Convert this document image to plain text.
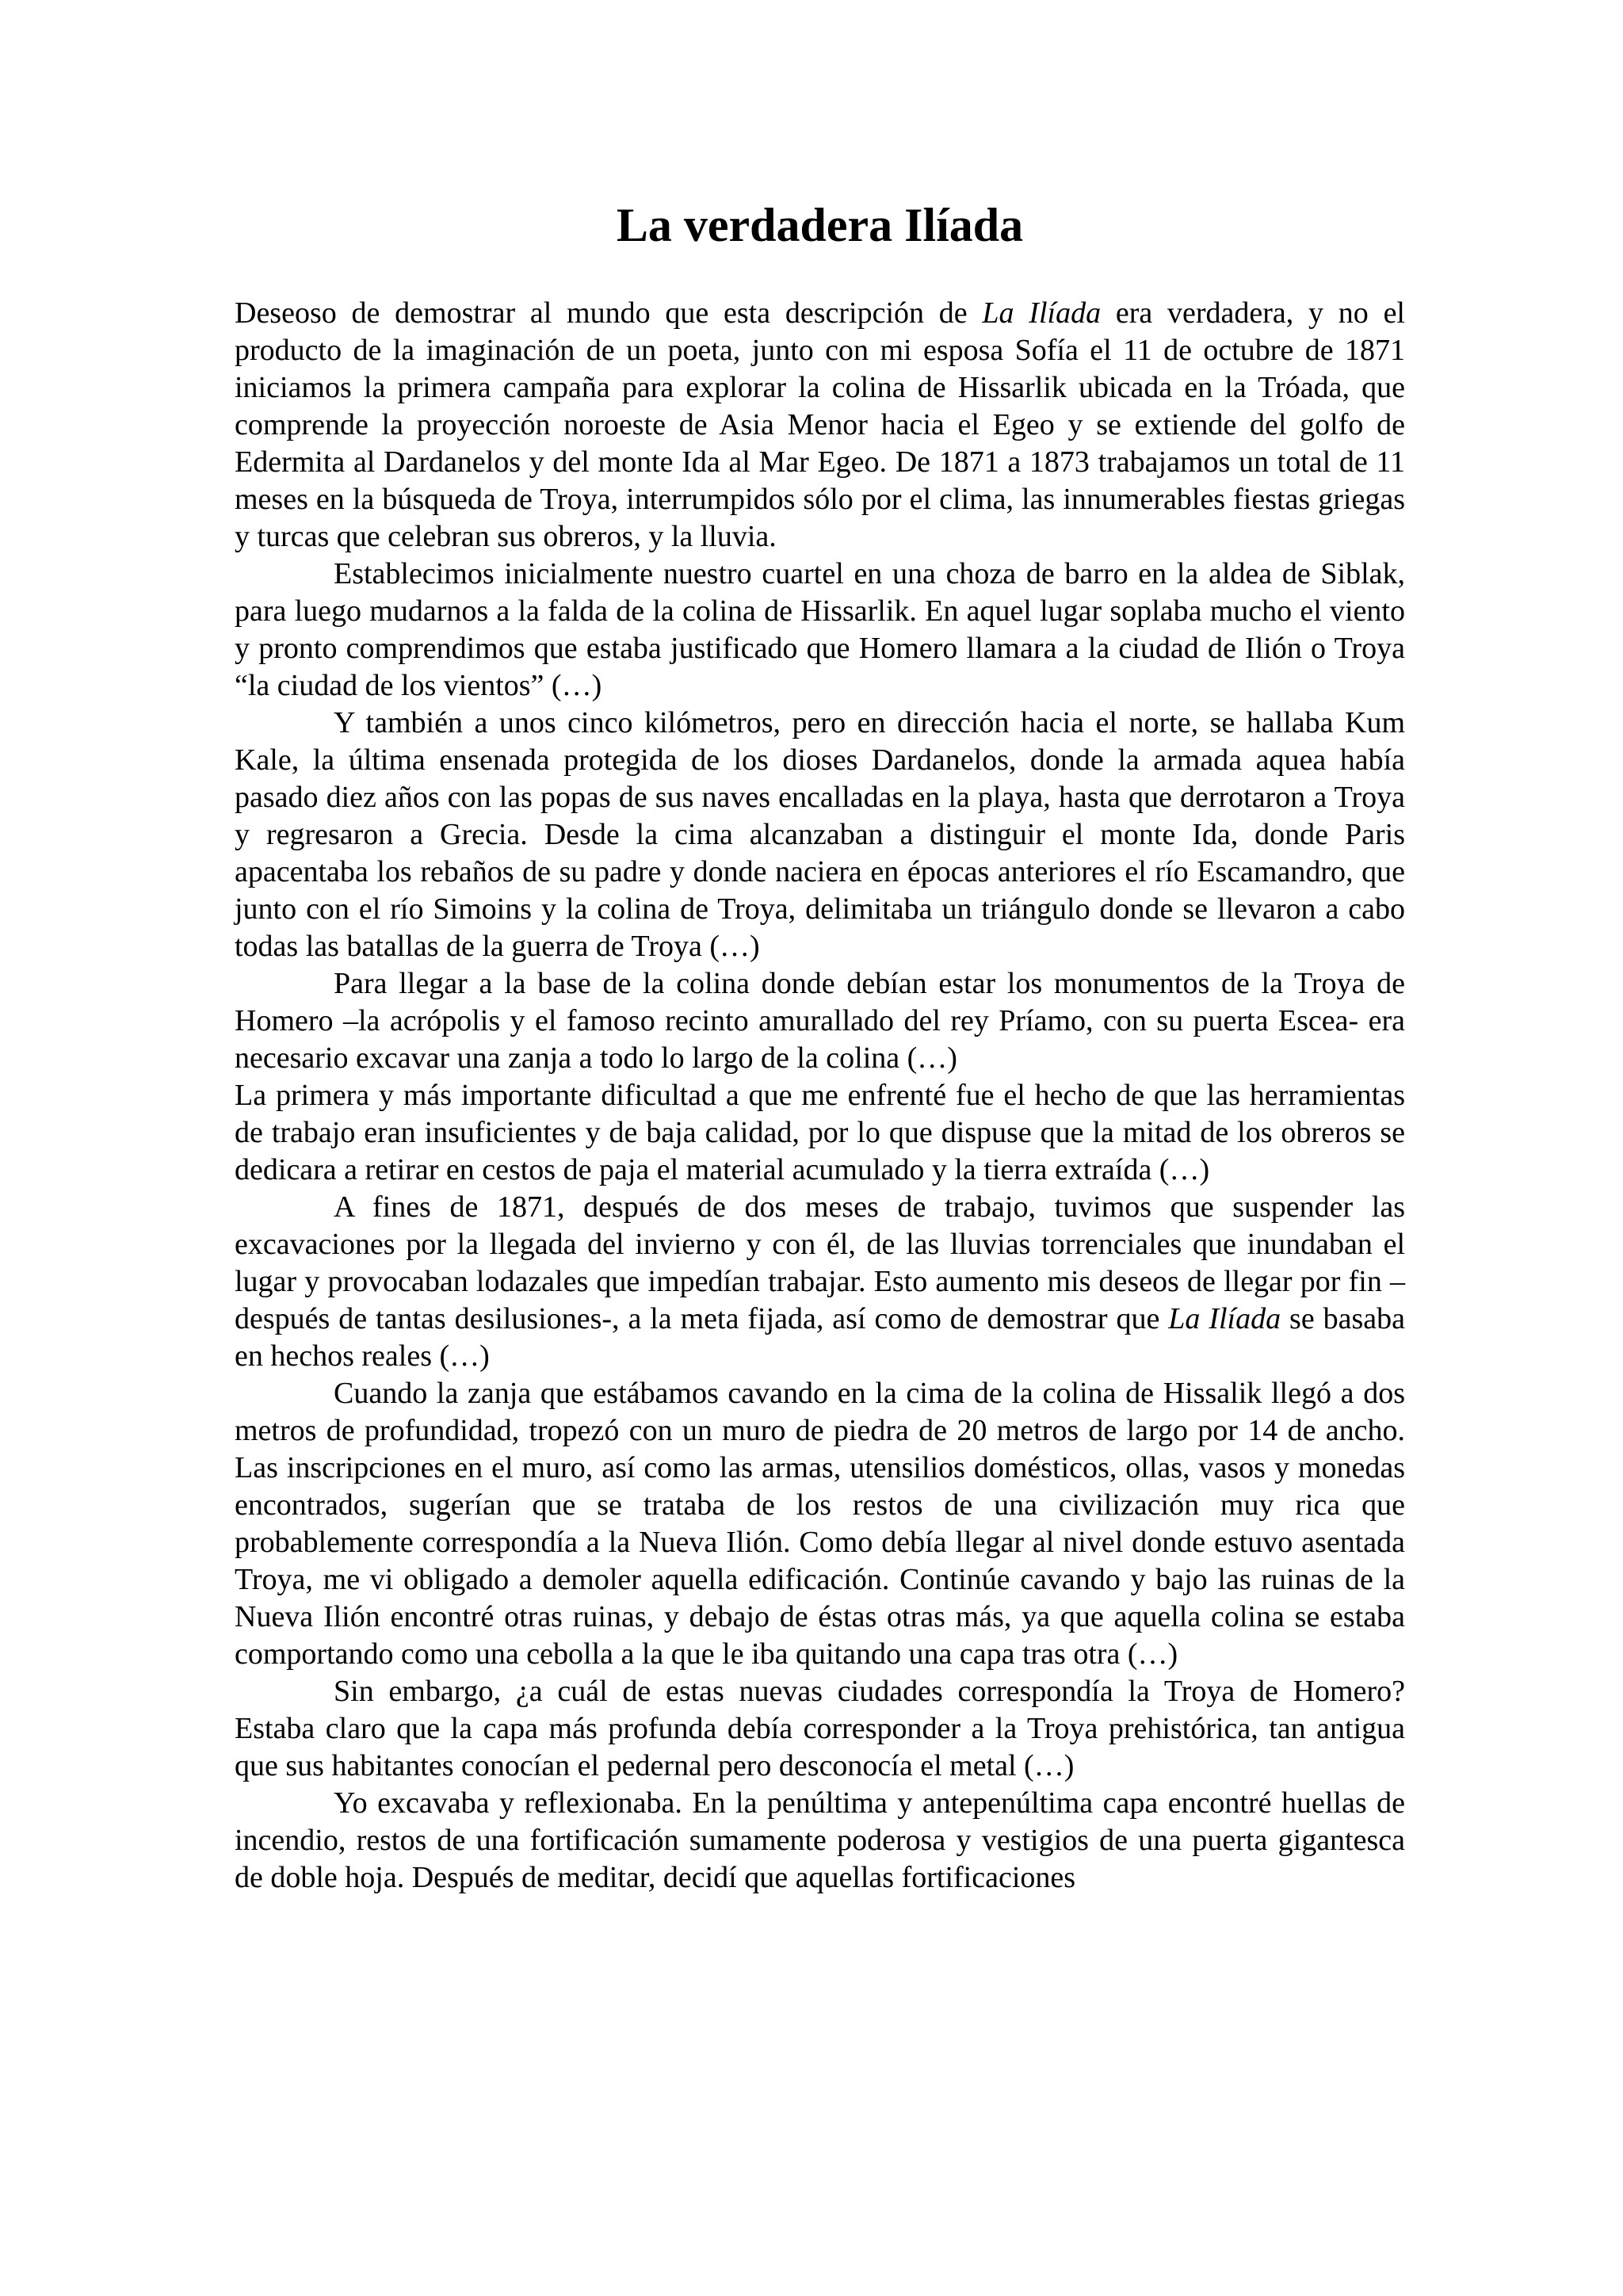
La verdadera Ilíada

Deseoso de demostrar al mundo que esta descripción de La Ilíada era verdadera, y no el producto de la imaginación de un poeta, junto con mi esposa Sofía el 11 de octubre de 1871 iniciamos la primera campaña para explorar la colina de Hissarlik ubicada en la Tróada, que comprende la proyección noroeste de Asia Menor hacia el Egeo y se extiende del golfo de Edermita al Dardanelos y del monte Ida al Mar Egeo. De 1871 a 1873 trabajamos un total de 11 meses en la búsqueda de Troya, interrumpidos sólo por el clima, las innumerables fiestas griegas y turcas que celebran sus obreros, y la lluvia.

Establecimos inicialmente nuestro cuartel en una choza de barro en la aldea de Siblak, para luego mudarnos a la falda de la colina de Hissarlik. En aquel lugar soplaba mucho el viento y pronto comprendimos que estaba justificado que Homero llamara a la ciudad de Ilión o Troya “la ciudad de los vientos” (…)

Y también a unos cinco kilómetros, pero en dirección hacia el norte, se hallaba Kum Kale, la última ensenada protegida de los dioses Dardanelos, donde la armada aquea había pasado diez años con las popas de sus naves encalladas en la playa, hasta que derrotaron a Troya y regresaron a Grecia. Desde la cima alcanzaban a distinguir el monte Ida, donde Paris apacentaba los rebaños de su padre y donde naciera en épocas anteriores el río Escamandro, que junto con el río Simoins y la colina de Troya, delimitaba un triángulo donde se llevaron a cabo todas las batallas de la guerra de Troya (…)

Para llegar a la base de la colina donde debían estar los monumentos de la Troya de Homero –la acrópolis y el famoso recinto amurallado del rey Príamo, con su puerta Escea- era necesario excavar una zanja a todo lo largo de la colina (…)

La primera y más importante dificultad a que me enfrenté fue el hecho de que las herramientas de trabajo eran insuficientes y de baja calidad, por lo que dispuse que la mitad de los obreros se dedicara a retirar en cestos de paja el material acumulado y la tierra extraída (…)

A fines de 1871, después de dos meses de trabajo, tuvimos que suspender las excavaciones por la llegada del invierno y con él, de las lluvias torrenciales que inundaban el lugar y provocaban lodazales que impedían trabajar. Esto aumento mis deseos de llegar por fin –después de tantas desilusiones-, a la meta fijada, así como de demostrar que La Ilíada se basaba en hechos reales (…)

Cuando la zanja que estábamos cavando en la cima de la colina de Hissalik llegó a dos metros de profundidad, tropezó con un muro de piedra de 20 metros de largo por 14 de ancho. Las inscripciones en el muro, así como las armas, utensilios domésticos, ollas, vasos y monedas encontrados, sugerían que se trataba de los restos de una civilización muy rica que probablemente correspondía a la Nueva Ilión. Como debía llegar al nivel donde estuvo asentada Troya, me vi obligado a demoler aquella edificación. Continúe cavando y bajo las ruinas de la Nueva Ilión encontré otras ruinas, y debajo de éstas otras más, ya que aquella colina se estaba comportando como una cebolla a la que le iba quitando una capa tras otra (…)

Sin embargo, ¿a cuál de estas nuevas ciudades correspondía la Troya de Homero? Estaba claro que la capa más profunda debía corresponder a la Troya prehistórica, tan antigua que sus habitantes conocían el pedernal pero desconocía el metal (…)

Yo excavaba y reflexionaba. En la penúltima y antepenúltima capa encontré huellas de incendio, restos de una fortificación sumamente poderosa y vestigios de una puerta gigantesca de doble hoja. Después de meditar, decidí que aquellas fortificaciones
